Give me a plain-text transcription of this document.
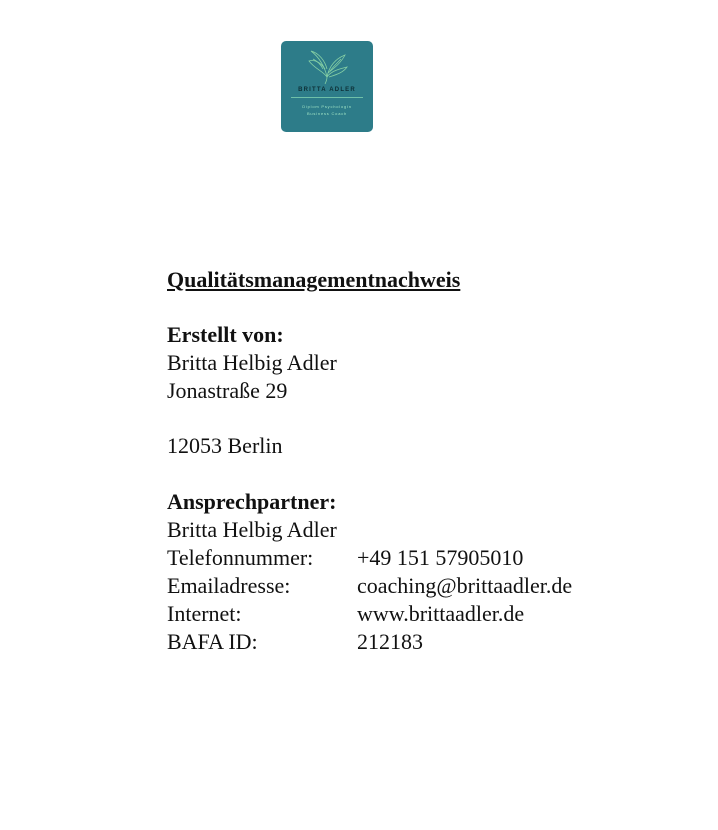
BRITTA ADLER
Diplom Psychologin
Business Coach

Qualitätsmanagementnachweis

Erstellt von:

Britta Helbig Adler

Jonastraße 29

12053 Berlin

Ansprechpartner:

Britta Helbig Adler

Telefonnummer:	+49 151 57905010
Emailadresse:	coaching@brittaadler.de
Internet:	www.brittaadler.de
BAFA ID:	212183
